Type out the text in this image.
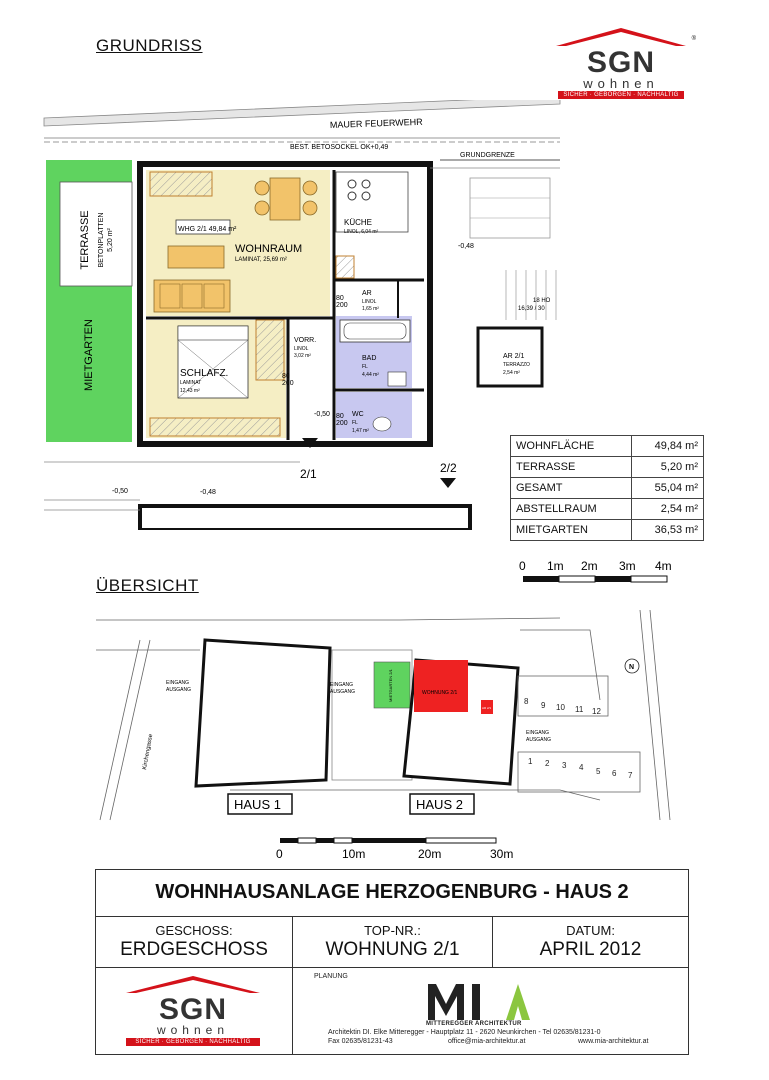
GRUNDRISS
ÜBERSICHT
SGN
wohnen
SICHER · GEBORGEN · NACHHALTIG
®
MAUER FEUERWEHR
BEST. BETOSOCKEL OK+0,49
GRUNDGRENZE
TERRASSE BETONPLATTEN 5,20 m²
MIETGARTEN
KÜCHE
LINOL, 6,04 m²
WHG 2/1 49,84 m²
WOHNRAUM
LAMINAT, 25,69 m²
SCHLAFZ.
LAMINAT
12,43 m²
VORR.
LINOL
3,02 m²
AR
LINOL
1,65 m²
BAD
FL
4,44 m²
WC
FL
1,47 m²
80
200
80
200
80
200
18 HO
16,39 / 30
AR 2/1
TERRAZZO
2,54 m²
-0,48
-0,50
-0,48
-0,50
2/1	2/2
WOHNFLÄCHE	49,84 m²
TERRASSE	5,20 m²
GESAMT	55,04 m²
ABSTELLRAUM	2,54 m²
MIETGARTEN	36,53 m²
0 1m 2m 3m 4m
MIETGARTEN 2/1	WOHNUNG 2/1
AR 2/1
8 9 10 11 12
1 2 3 4 5 6 7
EINGANG
AUSGANG
EINGANG
AUSGANG
EINGANG
AUSGANG
Kirchengasse
N
HAUS 1	HAUS 2
0	10m	20m	30m
WOHNHAUSANLAGE HERZOGENBURG - HAUS 2
GESCHOSS:
ERDGESCHOSS
TOP-NR.:
WOHNUNG 2/1
DATUM:
APRIL 2012
PLANUNG
SGN
wohnen
SICHER · GEBORGEN · NACHHALTIG
MITTEREGGER ARCHITEKTUR
Architektin DI. Elke Mitteregger - Hauptplatz 11 - 2620 Neunkirchen - Tel 02635/81231-0
Fax 02635/81231-43	office@mia-architektur.at	www.mia-architektur.at
